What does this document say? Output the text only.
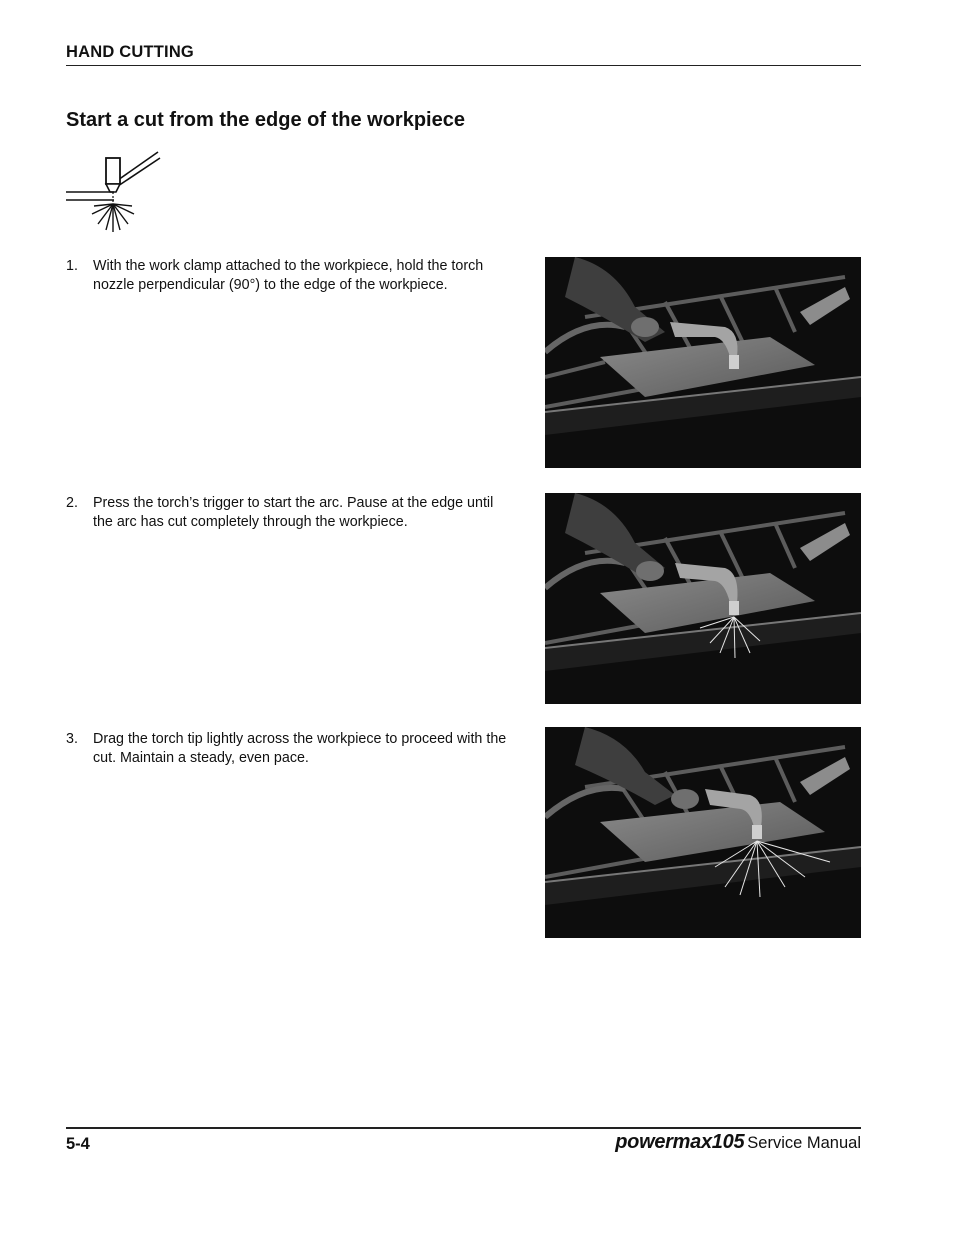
HAND CUTTING
Start a cut from the edge of the workpiece
1.	With the work clamp attached to the workpiece, hold the torch nozzle perpendicular (90°) to the edge of the workpiece.
2.	Press the torch’s trigger to start the arc. Pause at the edge until the arc has cut completely through the workpiece.
3.	Drag the torch tip lightly across the workpiece to proceed with the cut. Maintain a steady, even pace.
5-4	powermax105 Service Manual
